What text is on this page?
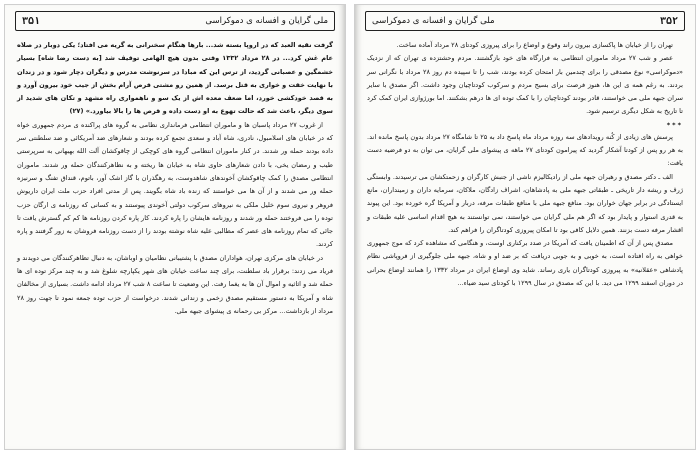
۳۵۱	ملی گرایان و افسانه ی دموکراسی

گرفت نقیه العبد که در اروپا بسته شد... بارها هنگام سخنرانی به گریه می افتاد؛ یکی دوبار در صلاه عام غش کرد... در ۲۸ مرداد ۱۳۳۲ وقتی بدون هیچ الهامی توقیف شد [به دست رضا شاه] بسیار خشمگین و عصبانی گردید، از ترس این که مبادا در سرنوشت مدرس و دیگران دچار شود و در زندان با نهایت خفت و خواری به قتل برسد. از همین رو مشتی قرص آرام بخش از جیب خود بیرون آورد و به قصد خودکشی خورد، اما ضعف معده اش از یک سو و ناهمواری راه مشهد و تکان های شدید از سوی دیگر، باعث شد که حالت تهوع به او دست داده و قرص ها را بالا بیاورد.» (۲۷)

از غروب ۲۷ مرداد پاسبان ها و ماموران انتظامی فرمانداری نظامی به گروه های پراکنده ی مردم جمهوری خواه که در خیابان های اسلامبول، نادری، شاه آباد و سعدی تجمع کرده بودند و شعارهای ضد آمریکائی و ضد سلطنتی سر داده بودند حمله ور شدند. در کنار ماموران انتظامی گروه های کوچکی از چاقوکشان آلت الله بهبهانی به سرپرستی طیب و رمضان یخی، با دادن شعارهای حاوی شاه به خیابان ها ریخته و به نظاهرکنندگان حمله ور شدند. ماموران انتظامی مصدق را کمک چاقوکشان آخوندهای شاهدوست، به رهگذران با گاز اشک آور، باتوم، قنداق تفنگ و سرنیزه حمله ور می شدند و از آن ها می خواستند که زنده باد شاه بگویند. پس از مدتی افراد حزب ملت ایران داریوش فروهر و نیروی سوم خلیل ملکی به نیروهای سرکوب دولتی آخوندی پیوستند و به کسانی که روزنامه ی ارگان حزب توده را می فروختند حمله ور شدند و روزنامه هایشان را پاره کردند. کار پاره کردن روزنامه ها کم کم گسترش یافت تا جائی که تمام روزنامه های عصر که مطالبی علیه شاه نوشته بودند را از دست روزنامه فروشان به زور گرفتند و پاره کردند.

در خیابان های مرکزی تهران، هواداران مصدق با پشتیبانی نظامیان و اوباشان، به دنبال تظاهرکنندگان می دویدند و فریاد می زدند: برقرار باد سلطنت، برای چند ساعت خیابان های شهر یکپارچه شلوغ شد و به چند مرکز توده ای ها حمله شد و اثاثیه و اموال آن ها به یغما رفت. این وضعیت تا ساعت ۸ شب ۲۷ مرداد ادامه داشت. بسیاری از مخالفان شاه و آمریکا به دستور مستقیم مصدق زخمی و زندانی شدند. درخواست از حزب توده جمعه نمود تا جهت روز ۲۸ مرداد از بازداشت... مرکز بی رحمانه ی پیشوای جبهه ملی.

ملی گرایان و افسانه ی دموکراسی	۳۵۲

تهران را از خیابان ها پاکسازی بیرون راند وقوع و اوضاع را برای پیروزی کودتای ۲۸ مرداد آماده ساخت.

عصر و شب ۲۷ مرداد ماموران انتظامی به فرارگاه های خود بازگشتند. مردم وحشتزده ی تهران که از نزدیک «دموکراسی» نوع مصدقی را برای چندمین بار امتحان کرده بودند، شب را تا سپیده دم روز ۲۸ مرداد با نگرانی سر بردند. به رغم همه ی این ها، هنوز فرصت برای بسیج مردم و سرکوب کودتاچیان وجود داشت. اگر مصدق با سایر سران جبهه ملی می خواستند، قادر بودند کودتاچیان را با کمک توده ای ها درهم بشکنند. اما بورژوازی ایران کمک کرد تا تاریخ به شکل دیگری ترسیم شود.

***

پرسش های زیادی از کُنه رویدادهای سه روزه مرداد ماه پاسخ داد به ۲۵ تا شامگاه ۲۷ مرداد بدون پاسخ مانده اند. به هر رو پس از کودتا آشکار گردید که پیرامون کودتای ۲۷ ماهه ی پیشوای ملی گرایان، می توان به دو فرضیه دست یافت:

الف ـ دکتر مصدق و رهبران جبهه ملی از رادیکالیزم ناشی از جنبش کارگران و زحمتکشان می ترسیدند. وابستگی ژرف و ریشه دار تاریخی ـ طبقاتی جبهه ملی به پادشاهان، اشراف زادگان، ملاکان، سرمایه داران و زمینداران، مانع ایستادگی در برابر جهان خواران بود. منافع جبهه ملی با منافع طبقات مرفه، دربار و آمریکا گره خورده بود. این پیوند به قدری استوار و پایدار بود که اگر هم ملی گرایان می خواستند، نمی توانستند به هیچ اقدام اساسی علیه طبقات و اقشار مرفه دست بزنند. همین دلایل کافی بود تا امکان پیروزی کودتاگران را فراهم کند.

مصدق پس از آن که اطمینان یافت که آمریکا در صدد برکناری اوست، و هنگامی که مشاهده کرد که موج جمهوری خواهی به راه افتاده است، به خوبی و به جوبی دریافت که بر ضد او و شاه، جبهه ملی جلوگیری از فروپاشی نظام پادشاهی «عقلانیه» به پیروزی کودتاگران یاری رساند. شاید وی اوضاع ایران در مرداد ۱۳۳۲ را همانند اوضاع بحرانی در دوران اسفند ۱۲۹۹ می دید. با این که مصدق در سال ۱۲۹۹ با کودتای سید ضیاء...
